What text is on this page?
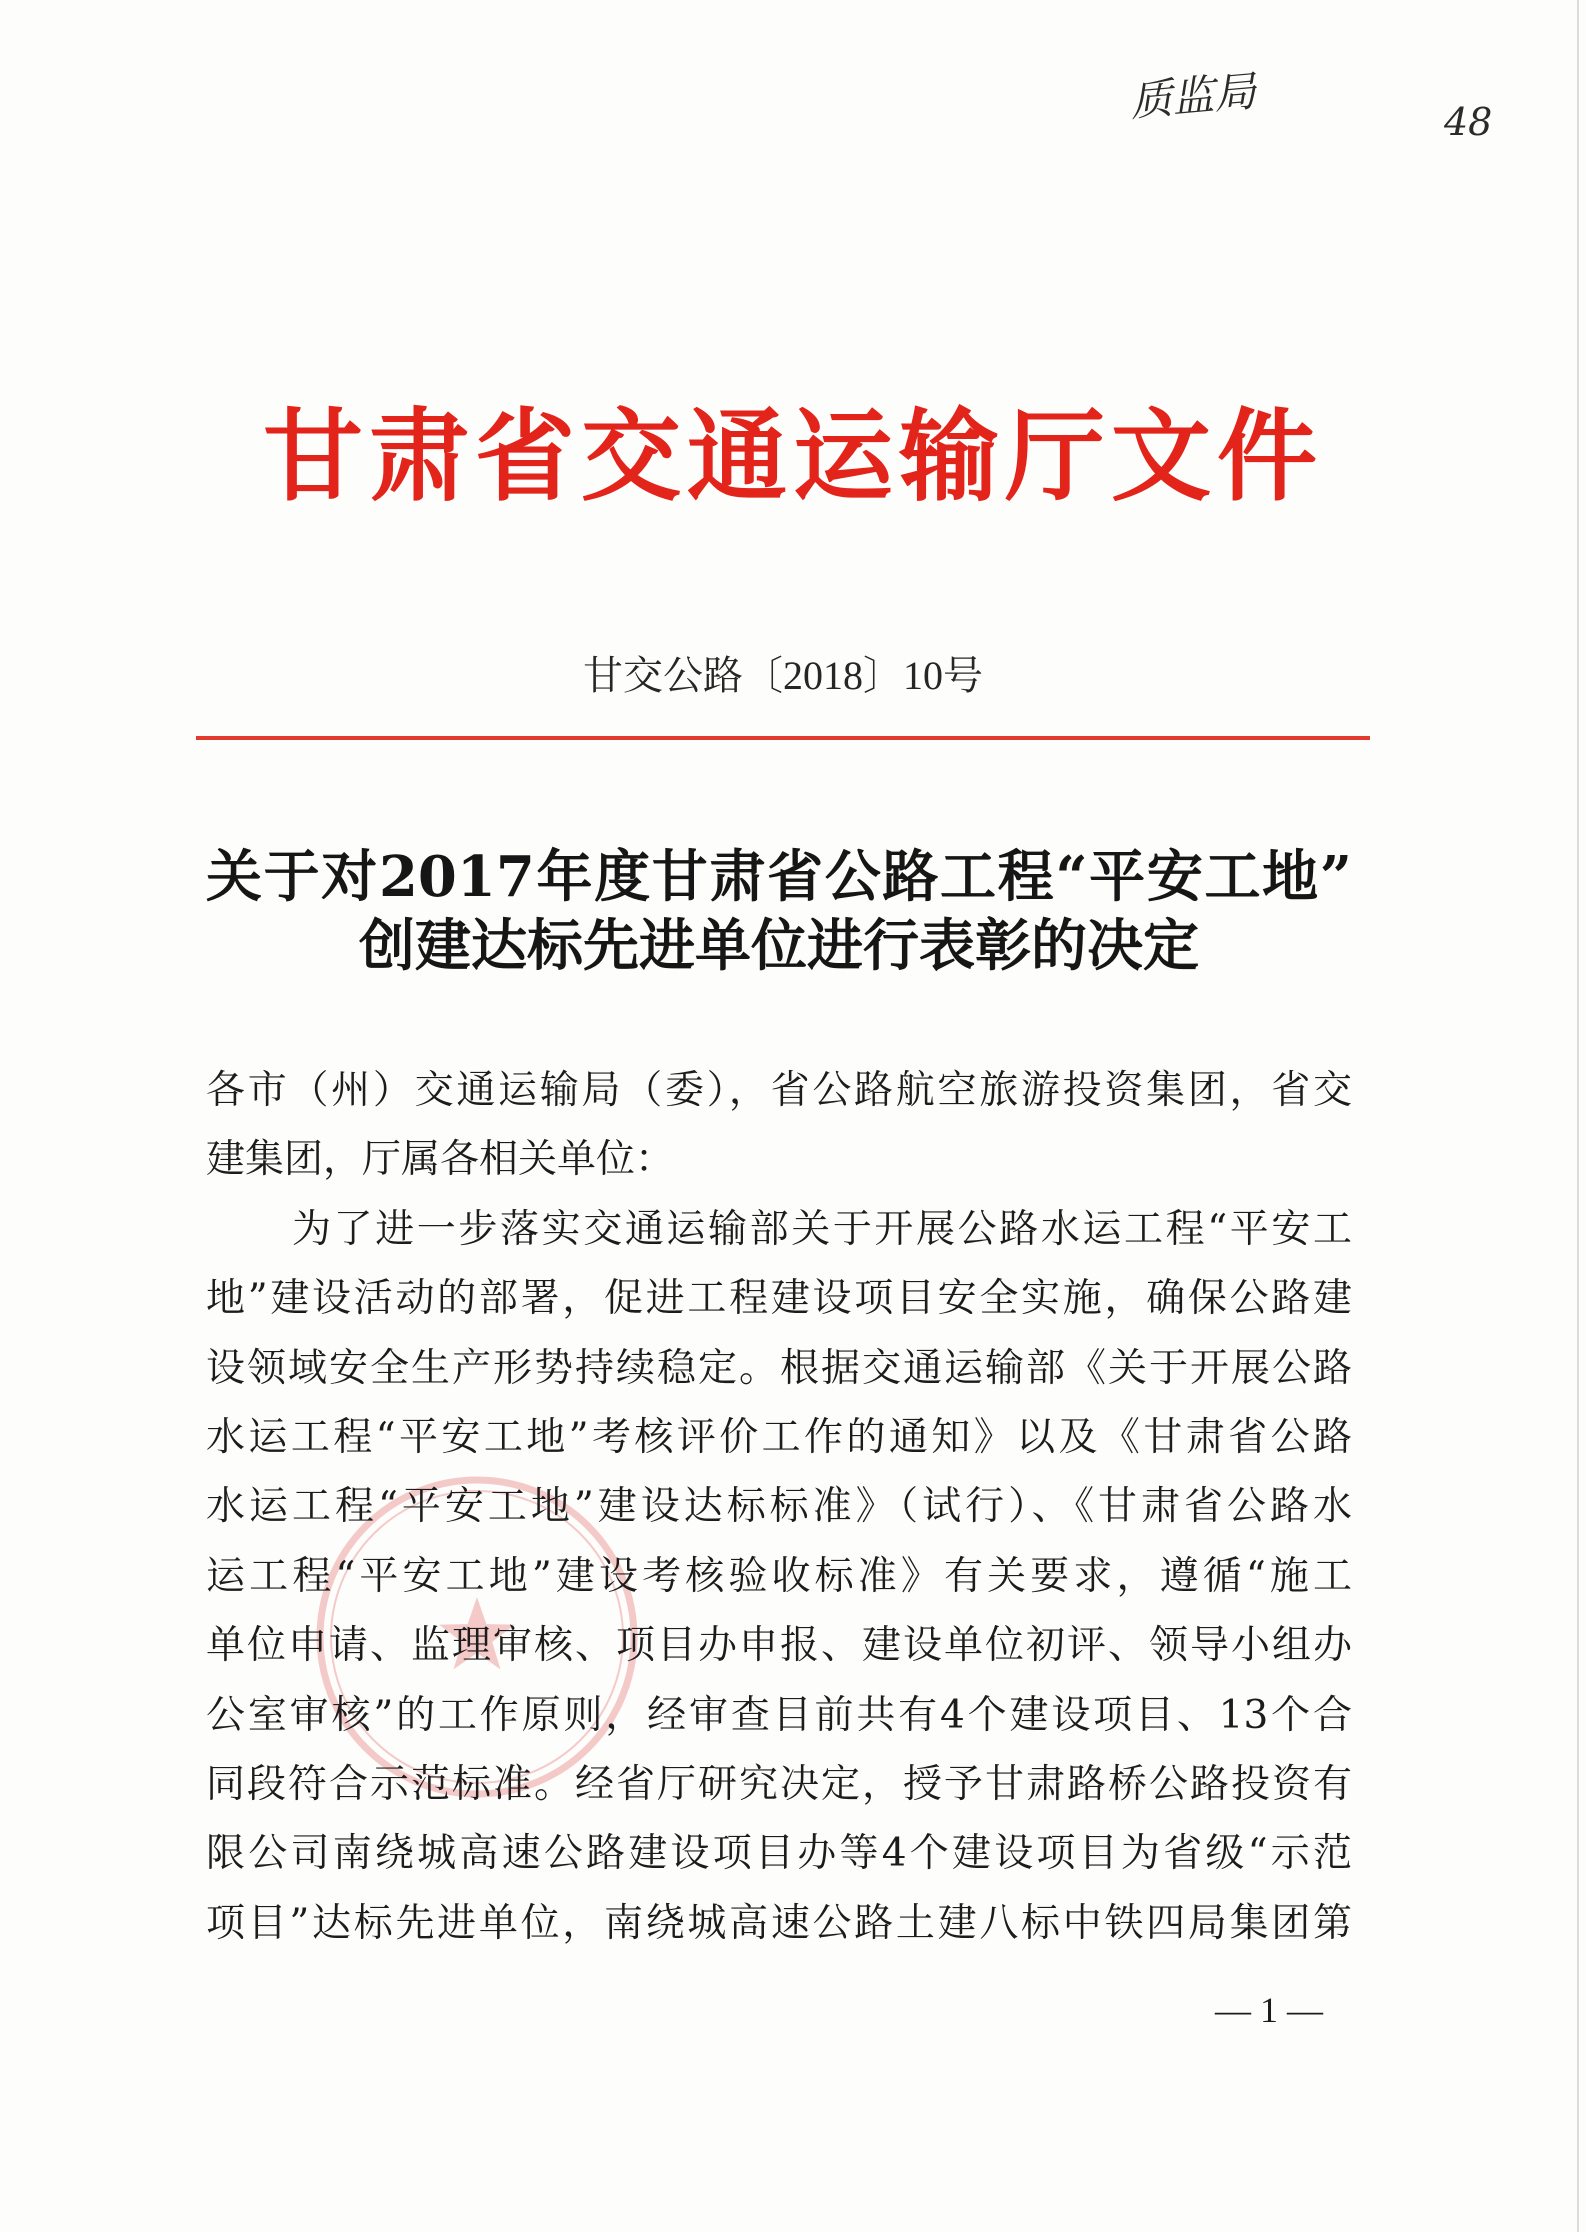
质监局	48
甘肃省交通运输厅文件
甘交公路〔2018〕10号
关于对2017年度甘肃省公路工程“平安工地”
创建达标先进单位进行表彰的决定
各市（州）交通运输局（委），省公路航空旅游投资集团，省交
建集团，厅属各相关单位：
为了进一步落实交通运输部关于开展公路水运工程“平安工
地”建设活动的部署，促进工程建设项目安全实施，确保公路建
设领域安全生产形势持续稳定。根据交通运输部《关于开展公路
水运工程“平安工地”考核评价工作的通知》以及《甘肃省公路
水运工程“平安工地”建设达标标准》（试行）、《甘肃省公路水
运工程“平安工地”建设考核验收标准》有关要求，遵循“施工
单位申请、监理审核、项目办申报、建设单位初评、领导小组办
公室审核”的工作原则，经审查目前共有4个建设项目、13个合
同段符合示范标准。经省厅研究决定，授予甘肃路桥公路投资有
限公司南绕城高速公路建设项目办等4个建设项目为省级“示范
项目”达标先进单位，南绕城高速公路土建八标中铁四局集团第
— 1 —
